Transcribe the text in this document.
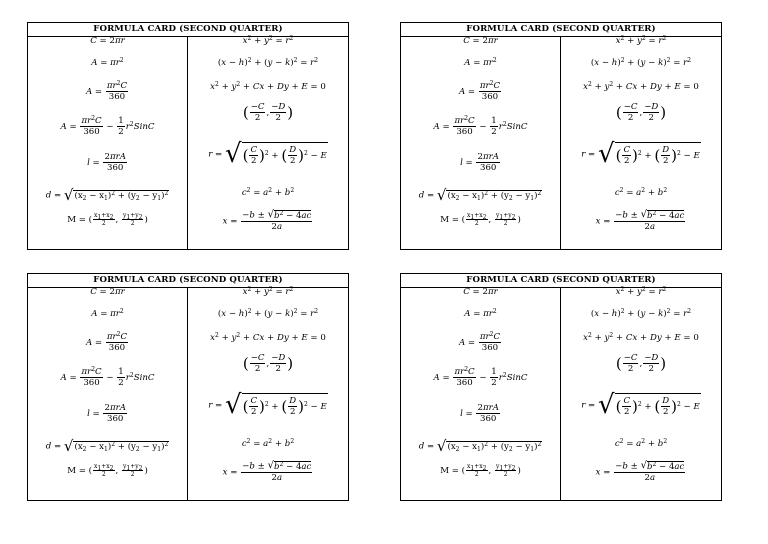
FORMULA CARD (SECOND QUARTER)
C = 2πr
$A = \pi r^2$
$A = \frac{\pi r^2C}{360}$
$A = \frac{\pi r^2C}{360} - \frac{1}{2}$ $r^2SinC$
$l = \frac{\text{2πrA}}{360}$
$d = √(x_2 - x_1)^2 + (y_2 - y_1)^2$
M = ( $\frac{x_1+x_2}{2}$ , $\frac{y_1+y_2}{2}$ )
$x^2 + y^2 = r^2$
$(x - h)^2 + (y - k)^2 = r^2$
$x^2 + y^2 + Cx + Dy + E = 0$
( $\frac{-C}{2}$ , $\frac{-D}{2}$ )
r = √( $\frac{C}{2} )^2$ + ( $\frac{D}{2} )^2 - E$
$c^2 = a^2 + b^2$
$x = \frac{-b \pm √b^2 - 4ac}{2a}$
FORMULA CARD (SECOND QUARTER)
C = 2πr
$A = \pi r^2$
$A = \frac{\pi r^2C}{360}$
$A = \frac{\pi r^2C}{360} - \frac{1}{2}$ $r^2SinC$
$l = \frac{\text{2πrA}}{360}$
$d = √(x_2 - x_1)^2 + (y_2 - y_1)^2$
M = ( $\frac{x_1+x_2}{2}$ , $\frac{y_1+y_2}{2}$ )
$x^2 + y^2 = r^2$
$(x - h)^2 + (y - k)^2 = r^2$
$x^2 + y^2 + Cx + Dy + E = 0$
( $\frac{-C}{2}$ , $\frac{-D}{2}$ )
r = √( $\frac{C}{2} )^2$ + ( $\frac{D}{2} )^2 - E$
$c^2 = a^2 + b^2$
$x = \frac{-b \pm √b^2 - 4ac}{2a}$
FORMULA CARD (SECOND QUARTER)
C = 2πr
$A = \pi r^2$
$A = \frac{\pi r^2C}{360}$
$A = \frac{\pi r^2C}{360} - \frac{1}{2}$ $r^2SinC$
$l = \frac{\text{2πrA}}{360}$
$d = √(x_2 - x_1)^2 + (y_2 - y_1)^2$
M = ( $\frac{x_1+x_2}{2}$ , $\frac{y_1+y_2}{2}$ )
$x^2 + y^2 = r^2$
$(x - h)^2 + (y - k)^2 = r^2$
$x^2 + y^2 + Cx + Dy + E = 0$
( $\frac{-C}{2}$ , $\frac{-D}{2}$ )
r = √( $\frac{C}{2} )^2$ + ( $\frac{D}{2} )^2 - E$
$c^2 = a^2 + b^2$
$x = \frac{-b \pm √b^2 - 4ac}{2a}$
FORMULA CARD (SECOND QUARTER)
C = 2πr
$A = \pi r^2$
$A = \frac{\pi r^2C}{360}$
$A = \frac{\pi r^2C}{360} - \frac{1}{2}$ $r^2SinC$
$l = \frac{\text{2πrA}}{360}$
$d = √(x_2 - x_1)^2 + (y_2 - y_1)^2$
M = ( $\frac{x_1+x_2}{2}$ , $\frac{y_1+y_2}{2}$ )
$x^2 + y^2 = r^2$
$(x - h)^2 + (y - k)^2 = r^2$
$x^2 + y^2 + Cx + Dy + E = 0$
( $\frac{-C}{2}$ , $\frac{-D}{2}$ )
r = √( $\frac{C}{2} )^2$ + ( $\frac{D}{2} )^2 - E$
$c^2 = a^2 + b^2$
$x = \frac{-b \pm √b^2 - 4ac}{2a}$
